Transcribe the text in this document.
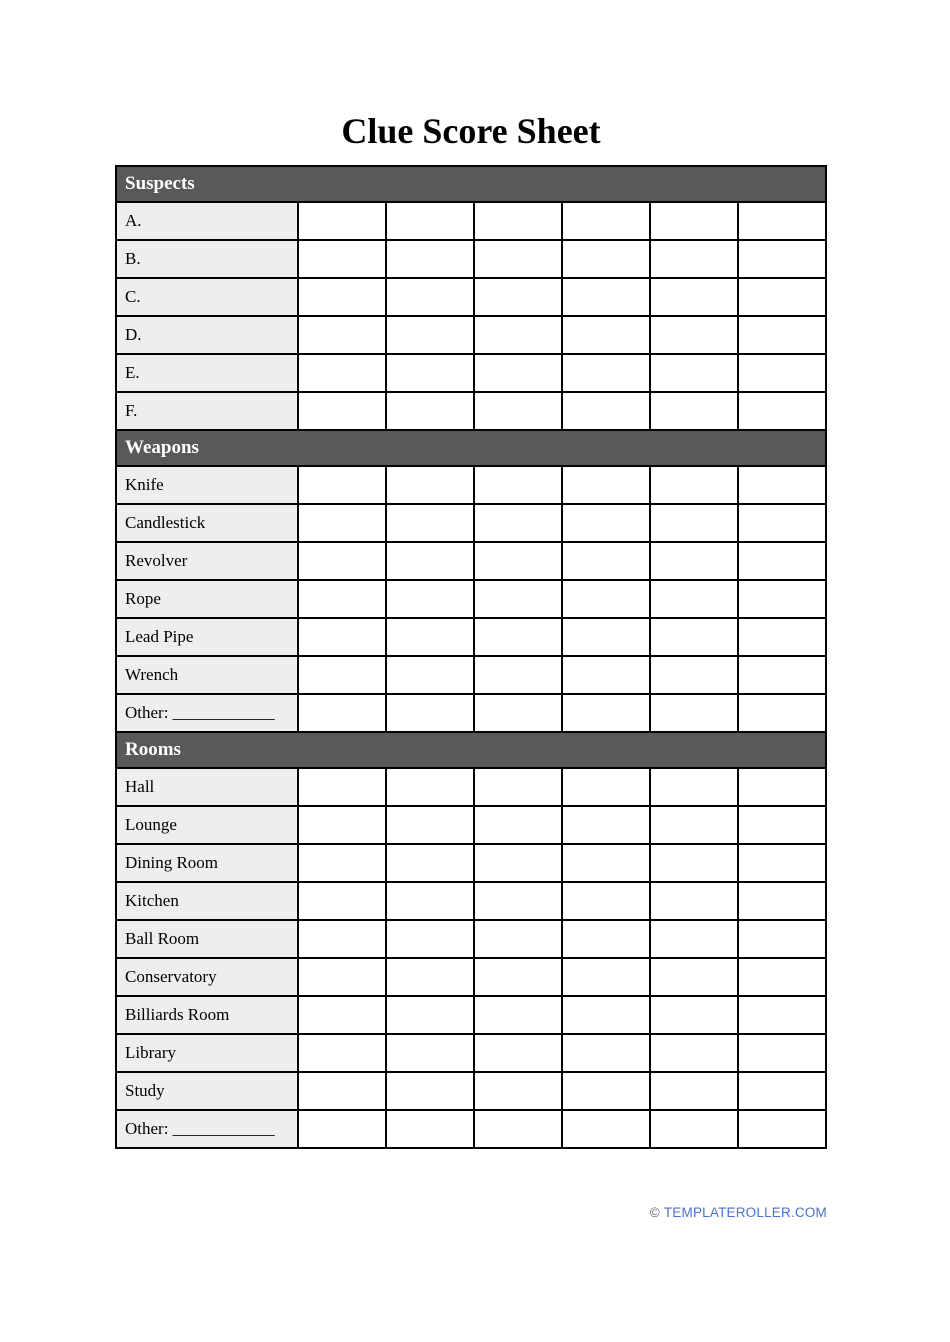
Clue Score Sheet
Suspects						
A.						
B.						
C.						
D.						
E.						
F.						
Weapons						
Knife						
Candlestick						
Revolver						
Rope						
Lead Pipe						
Wrench						
Other: ____________						
Rooms						
Hall						
Lounge						
Dining Room						
Kitchen						
Ball Room						
Conservatory						
Billiards Room						
Library						
Study						
Other: ____________						
© TEMPLATEROLLER.COM
